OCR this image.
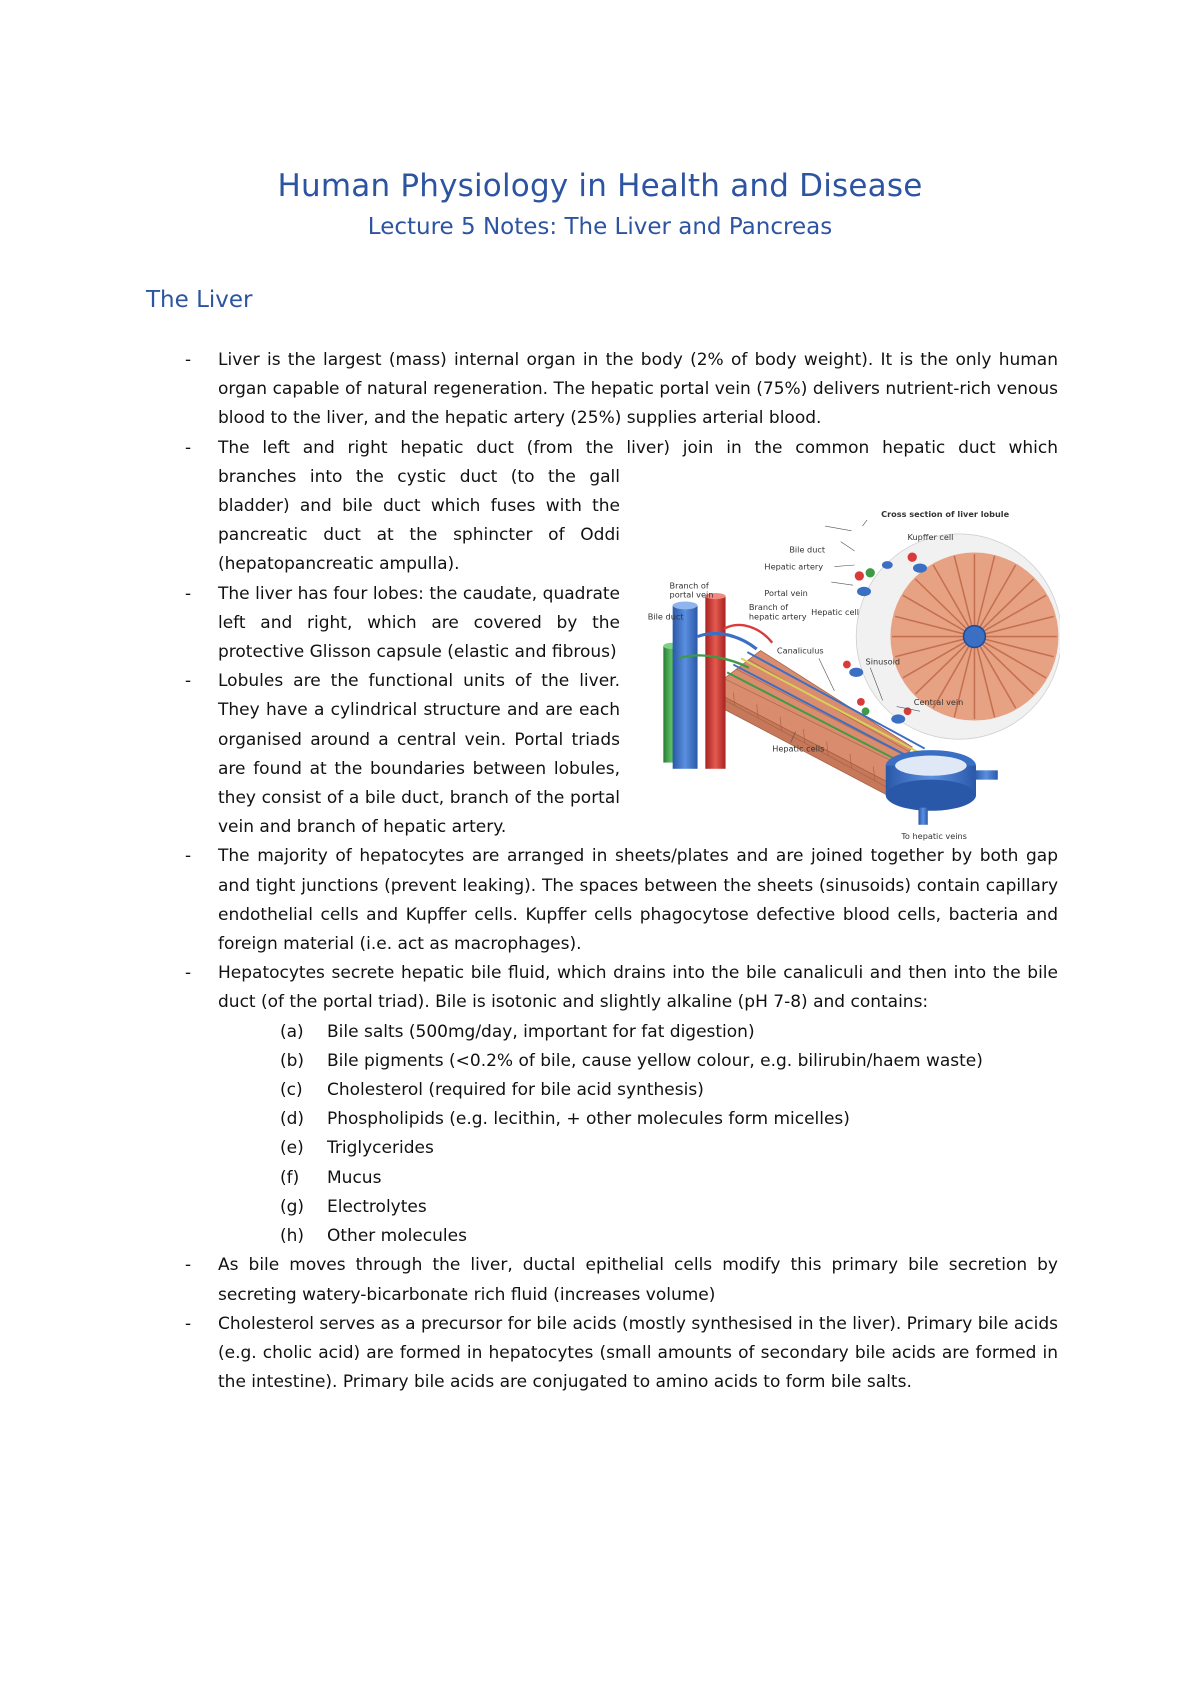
Human Physiology in Health and Disease
Lecture 5 Notes: The Liver and Pancreas
The Liver
- Liver is the largest (mass) internal organ in the body (2% of body weight). It is the only human organ capable of natural regeneration. The hepatic portal vein (75%) delivers nutrient-rich venous blood to the liver, and the hepatic artery (25%) supplies arterial blood.
- The left and right hepatic duct (from the liver) join in the common hepatic duct which
branches into the cystic duct (to the gall bladder) and bile duct which fuses with the pancreatic duct at the sphincter of Oddi (hepatopancreatic ampulla).
- The liver has four lobes: the caudate, quadrate left and right, which are covered by the protective Glisson capsule (elastic and fibrous)
- Lobules are the functional units of the liver. They have a cylindrical structure and are each organised around a central vein. Portal triads are found at the boundaries between lobules, they consist of a bile duct, branch of the portal vein and branch of hepatic artery.
- The majority of hepatocytes are arranged in sheets/plates and are joined together by both gap and tight junctions (prevent leaking). The spaces between the sheets (sinusoids) contain capillary endothelial cells and Kupffer cells. Kupffer cells phagocytose defective blood cells, bacteria and foreign material (i.e. act as macrophages).
- Hepatocytes secrete hepatic bile fluid, which drains into the bile canaliculi and then into the bile duct (of the portal triad). Bile is isotonic and slightly alkaline (pH 7-8) and contains:
(a) Bile salts (500mg/day, important for fat digestion)
(b) Bile pigments (<0.2% of bile, cause yellow colour, e.g. bilirubin/haem waste)
(c) Cholesterol (required for bile acid synthesis)
(d) Phospholipids (e.g. lecithin, + other molecules form micelles)
(e) Triglycerides
(f) Mucus
(g) Electrolytes
(h) Other molecules
- As bile moves through the liver, ductal epithelial cells modify this primary bile secretion by secreting watery-bicarbonate rich fluid (increases volume)
- Cholesterol serves as a precursor for bile acids (mostly synthesised in the liver). Primary bile acids (e.g. cholic acid) are formed in hepatocytes (small amounts of secondary bile acids are formed in the intestine). Primary bile acids are conjugated to amino acids to form bile salts.
Cross section of liver lobule
Kupffer cell
Bile duct
Hepatic artery
Branch of
portal vein	Portal vein
Branch of
hepatic artery Hepatic cell
Bile duct
Canaliculus
Sinusoid
Central vein
Hepatic cells
To hepatic veins
